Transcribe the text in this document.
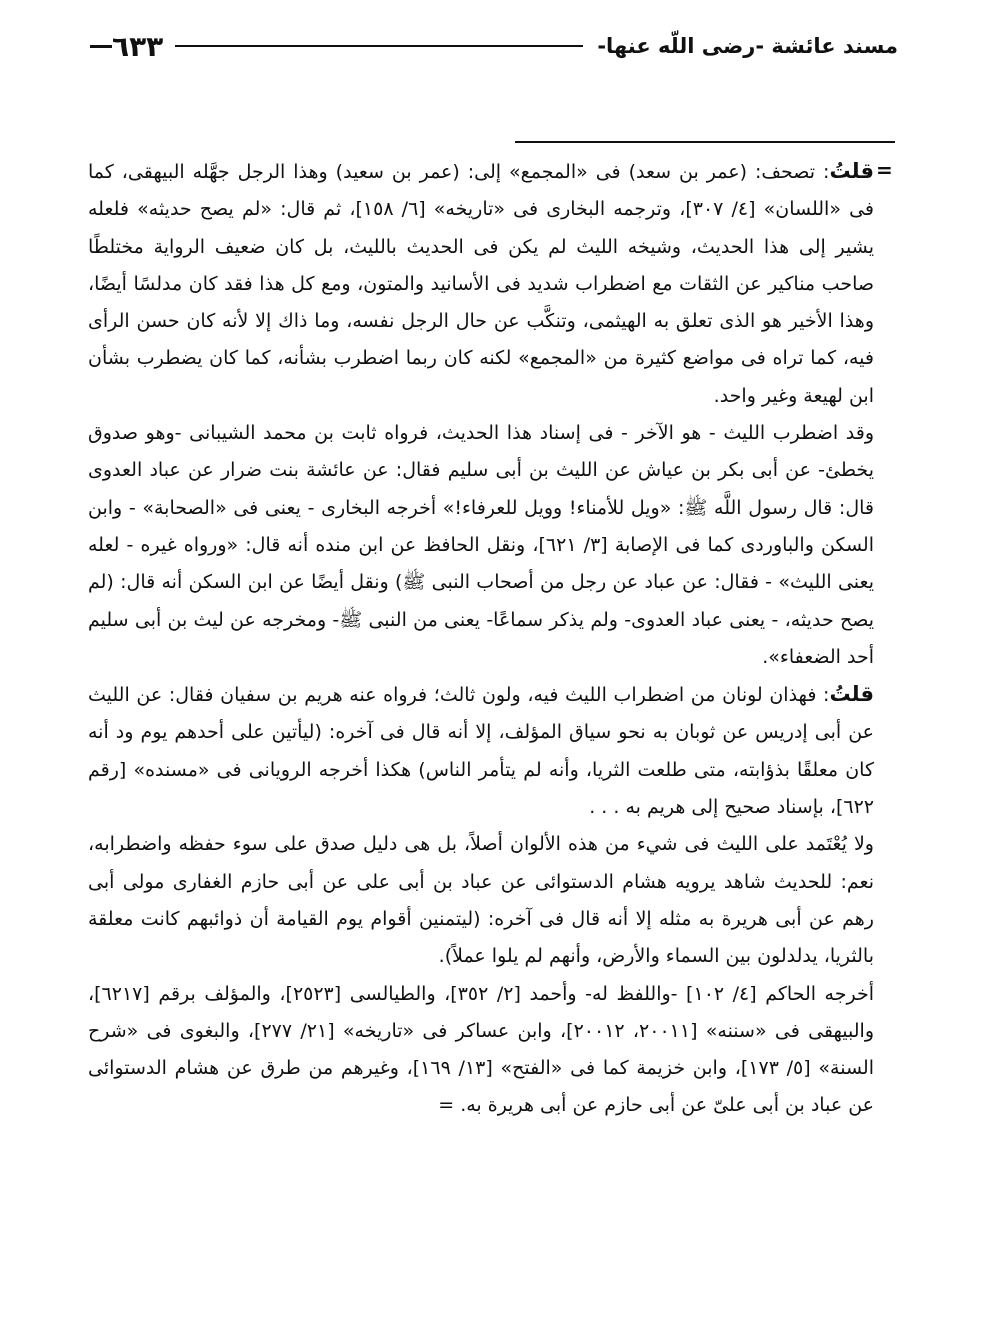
مسند عائشة -رضى اللّه عنها-
٦٣٣
=

قلتُ: تصحف: (عمر بن سعد) فى «المجمع» إلى: (عمر بن سعيد) وهذا الرجل جهَّله البيهقى، كما فى «اللسان» [٤/ ٣٠٧]، وترجمه البخارى فى «تاريخه» [٦/ ١٥٨]، ثم قال: «لم يصح حديثه» فلعله يشير إلى هذا الحديث، وشيخه الليث لم يكن فى الحديث بالليث، بل كان ضعيف الرواية مختلطًا صاحب مناكير عن الثقات مع اضطراب شديد فى الأسانيد والمتون، ومع كل هذا فقد كان مدلسًا أيضًا، وهذا الأخير هو الذى تعلق به الهيثمى، وتنكَّب عن حال الرجل نفسه، وما ذاك إلا لأنه كان حسن الرأى فيه، كما تراه فى مواضع كثيرة من «المجمع» لكنه كان ربما اضطرب بشأنه، كما كان يضطرب بشأن ابن لهيعة وغير واحد.

وقد اضطرب الليث - هو الآخر - فى إسناد هذا الحديث، فرواه ثابت بن محمد الشيبانى -وهو صدوق يخطئ- عن أبى بكر بن عياش عن الليث بن أبى سليم فقال: عن عائشة بنت ضرار عن عباد العدوى قال: قال رسول اللَّه ﷺ: «ويل للأمناء! وويل للعرفاء!» أخرجه البخارى - يعنى فى «الصحابة» - وابن السكن والباوردى كما فى الإصابة [٣/ ٦٢١]، ونقل الحافظ عن ابن منده أنه قال: «ورواه غيره - لعله يعنى الليث» - فقال: عن عباد عن رجل من أصحاب النبى ﷺ) ونقل أيضًا عن ابن السكن أنه قال: (لم يصح حديثه، - يعنى عباد العدوى- ولم يذكر سماعًا- يعنى من النبى ﷺ- ومخرجه عن ليث بن أبى سليم أحد الضعفاء».

قلتُ: فهذان لونان من اضطراب الليث فيه، ولون ثالث؛ فرواه عنه هريم بن سفيان فقال: عن الليث عن أبى إدريس عن ثوبان به نحو سياق المؤلف، إلا أنه قال فى آخره: (ليأتين على أحدهم يوم ود أنه كان معلقًا بذؤابته، متى طلعت الثريا، وأنه لم يتأمر الناس) هكذا أخرجه الرويانى فى «مسنده» [رقم ٦٢٢]، بإسناد صحيح إلى هريم به . . .

ولا يُعْتَمد على الليث فى شيء من هذه الألوان أصلاً، بل هى دليل صدق على سوء حفظه واضطرابه، نعم: للحديث شاهد يرويه هشام الدستوائى عن عباد بن أبى على عن أبى حازم الغفارى مولى أبى رهم عن أبى هريرة به مثله إلا أنه قال فى آخره: (ليتمنين أقوام يوم القيامة أن ذوائبهم كانت معلقة بالثريا، يدلدلون بين السماء والأرض، وأنهم لم يلوا عملاً).

أخرجه الحاكم [٤/ ١٠٢] -واللفظ له- وأحمد [٢/ ٣٥٢]، والطيالسى [٢٥٢٣]، والمؤلف برقم [٦٢١٧]، والبيهقى فى «سننه» [٢٠٠١١، ٢٠٠١٢]، وابن عساكر فى «تاريخه» [٢١/ ٢٧٧]، والبغوى فى «شرح السنة» [٥/ ١٧٣]، وابن خزيمة كما فى «الفتح» [١٣/ ١٦٩]، وغيرهم من طرق عن هشام الدستوائى عن عباد بن أبى علىّ عن أبى حازم عن أبى هريرة به. =
